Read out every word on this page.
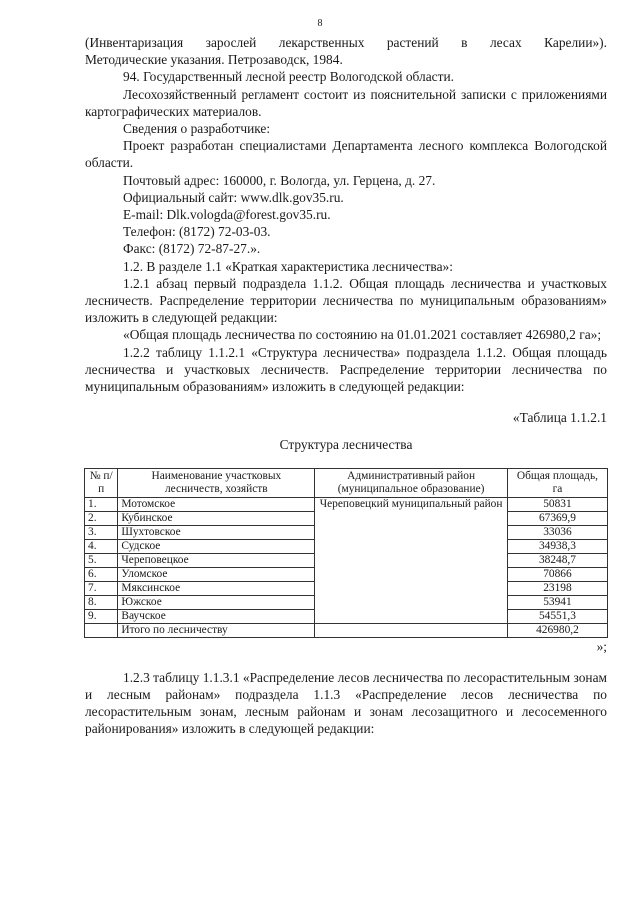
8

(Инвентаризация зарослей лекарственных растений в лесах Карелии»).

Методические указания. Петрозаводск, 1984.

94. Государственный лесной реестр Вологодской области.

Лесохозяйственный регламент состоит из пояснительной записки с приложениями картографических материалов.

Сведения о разработчике:

Проект разработан специалистами Департамента лесного комплекса Вологодской области.

Почтовый адрес: 160000, г. Вологда, ул. Герцена, д. 27.

Официальный сайт: www.dlk.gov35.ru.

E-mail: Dlk.vologda@forest.gov35.ru.

Телефон: (8172) 72-03-03.

Факс: (8172) 72-87-27.».

1.2. В разделе 1.1 «Краткая характеристика лесничества»:

1.2.1 абзац первый подраздела 1.1.2. Общая площадь лесничества и участковых лесничеств. Распределение территории лесничества по муниципальным образованиям» изложить в следующей редакции:

«Общая площадь лесничества по состоянию на 01.01.2021 составляет 426980,2 га»;

1.2.2 таблицу 1.1.2.1 «Структура лесничества» подраздела 1.1.2. Общая площадь лесничества и участковых лесничеств. Распределение территории лесничества по муниципальным образованиям» изложить в следующей редакции:

«Таблица 1.1.2.1

Структура лесничества
№ п/п	Наименование участковых лесничеств, хозяйств	Административный район (муниципальное образование)	Общая площадь, га
1.	Мотомское	Череповецкий муниципальный район	50831
2.	Кубинское		67369,9
3.	Шухтовское		33036
4.	Судское		34938,3
5.	Череповецкое		38248,7
6.	Уломское		70866
7.	Мяксинское		23198
8.	Южское		53941
9.	Ваучское		54551,3
	Итого по лесничеству		426980,2

»;

1.2.3 таблицу 1.1.3.1 «Распределение лесов лесничества по лесорастительным зонам и лесным районам» подраздела 1.1.3 «Распределение лесов лесничества по лесорастительным зонам, лесным районам и зонам лесозащитного и лесосеменного районирования» изложить в следующей редакции:
